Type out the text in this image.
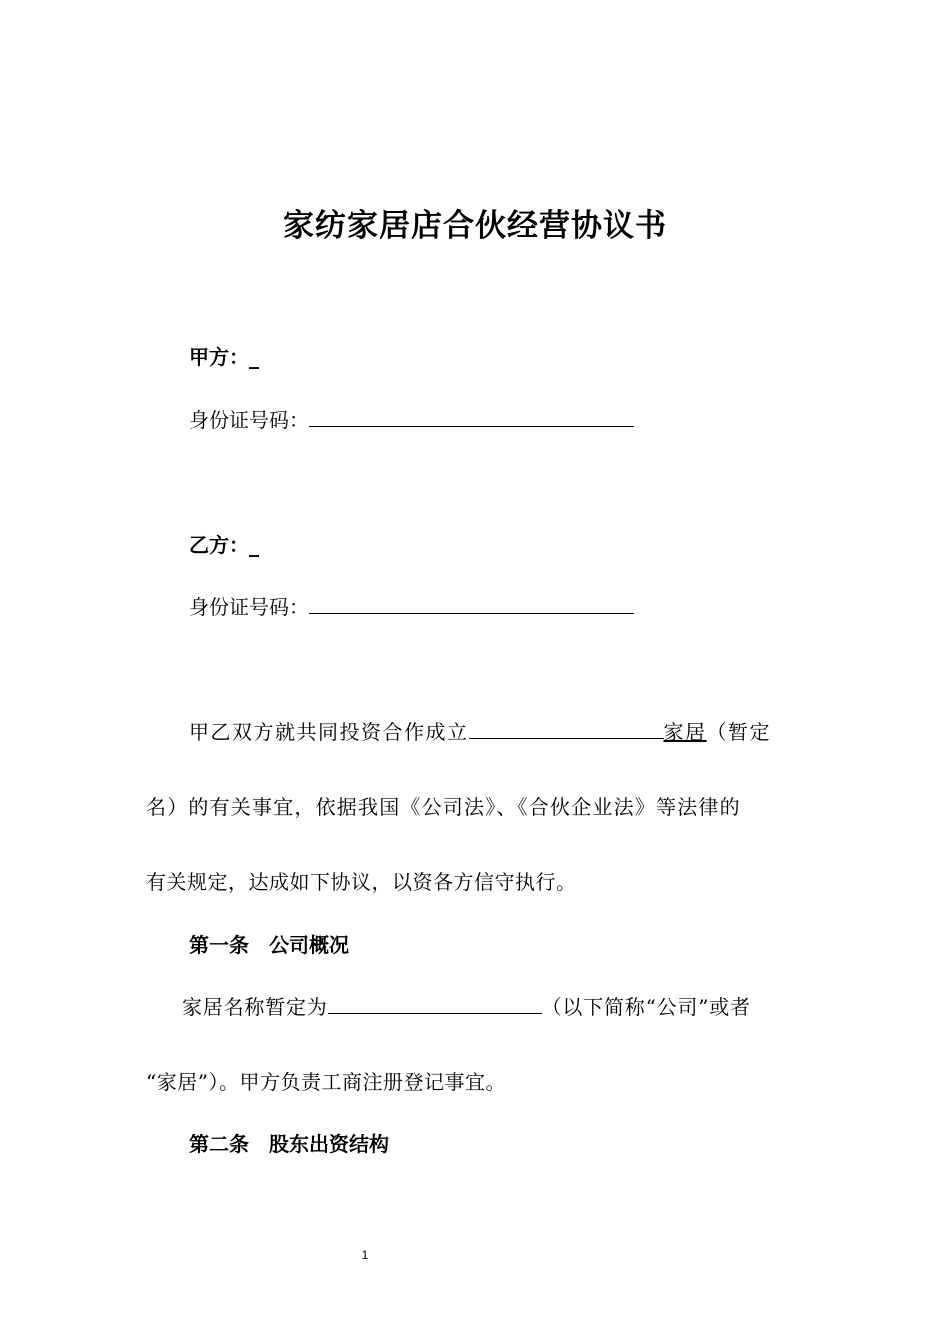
家纺家居店合伙经营协议书
甲方：_
身份证号码：
乙方：_
身份证号码：
甲乙双方就共同投资合作成立	家居（暂定
名）的有关事宜，依据我国《公司法》、《合伙企业法》等法律的
有关规定，达成如下协议，以资各方信守执行。
第一条　公司概况
家居名称暂定为	（以下简称“公司”或者
“家居”）。甲方负责工商注册登记事宜。
第二条　股东出资结构
1
